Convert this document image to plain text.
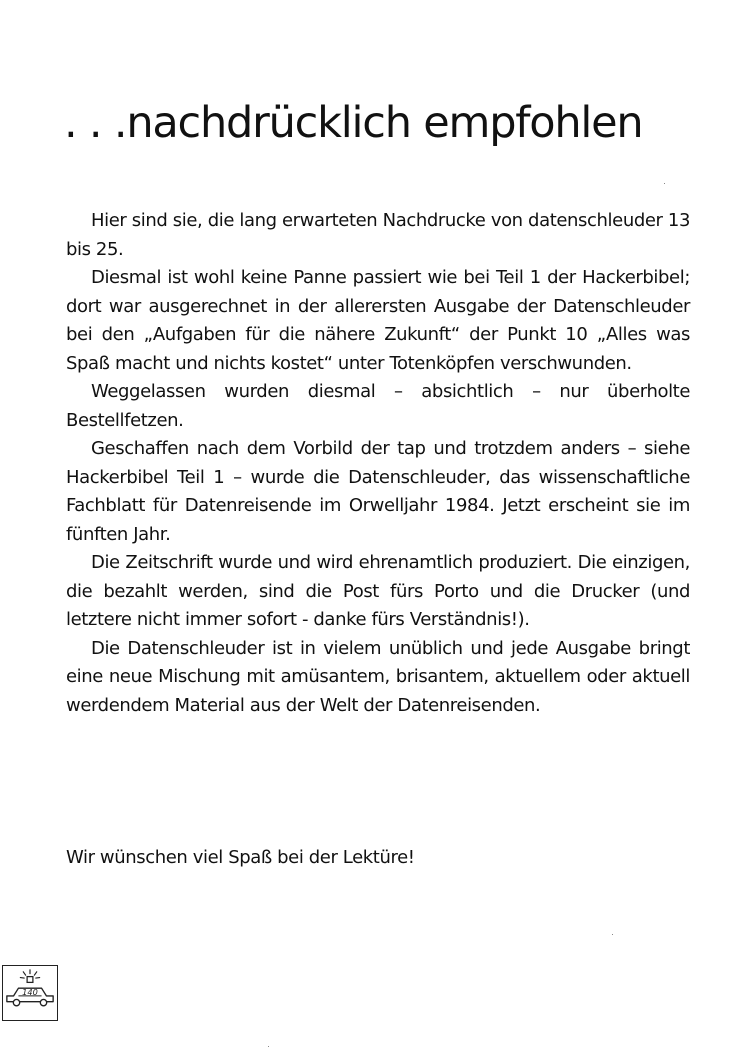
. . .nachdrücklich empfohlen

Hier sind sie, die lang erwarteten Nachdrucke von datenschleuder 13 bis 25.

Diesmal ist wohl keine Panne passiert wie bei Teil 1 der Hackerbibel; dort war ausgerechnet in der allerersten Ausgabe der Datenschleuder bei den „Aufgaben für die nähere Zukunft“ der Punkt 10 „Alles was Spaß macht und nichts kostet“ unter Totenköpfen verschwunden.

Weggelassen wurden diesmal – absichtlich – nur überholte Bestellfetzen.

Geschaffen nach dem Vorbild der tap und trotzdem anders – siehe Hackerbibel Teil 1 – wurde die Datenschleuder, das wissenschaftliche Fachblatt für Datenreisende im Orwelljahr 1984. Jetzt erscheint sie im fünften Jahr.

Die Zeitschrift wurde und wird ehrenamtlich produziert. Die einzigen, die bezahlt werden, sind die Post fürs Porto und die Drucker (und letztere nicht immer sofort - danke fürs Verständnis!).

Die Datenschleuder ist in vielem unüblich und jede Ausgabe bringt eine neue Mischung mit amüsantem, brisantem, aktuellem oder aktuell werdendem Material aus der Welt der Datenreisenden.

Wir wünschen viel Spaß bei der Lektüre!

140
